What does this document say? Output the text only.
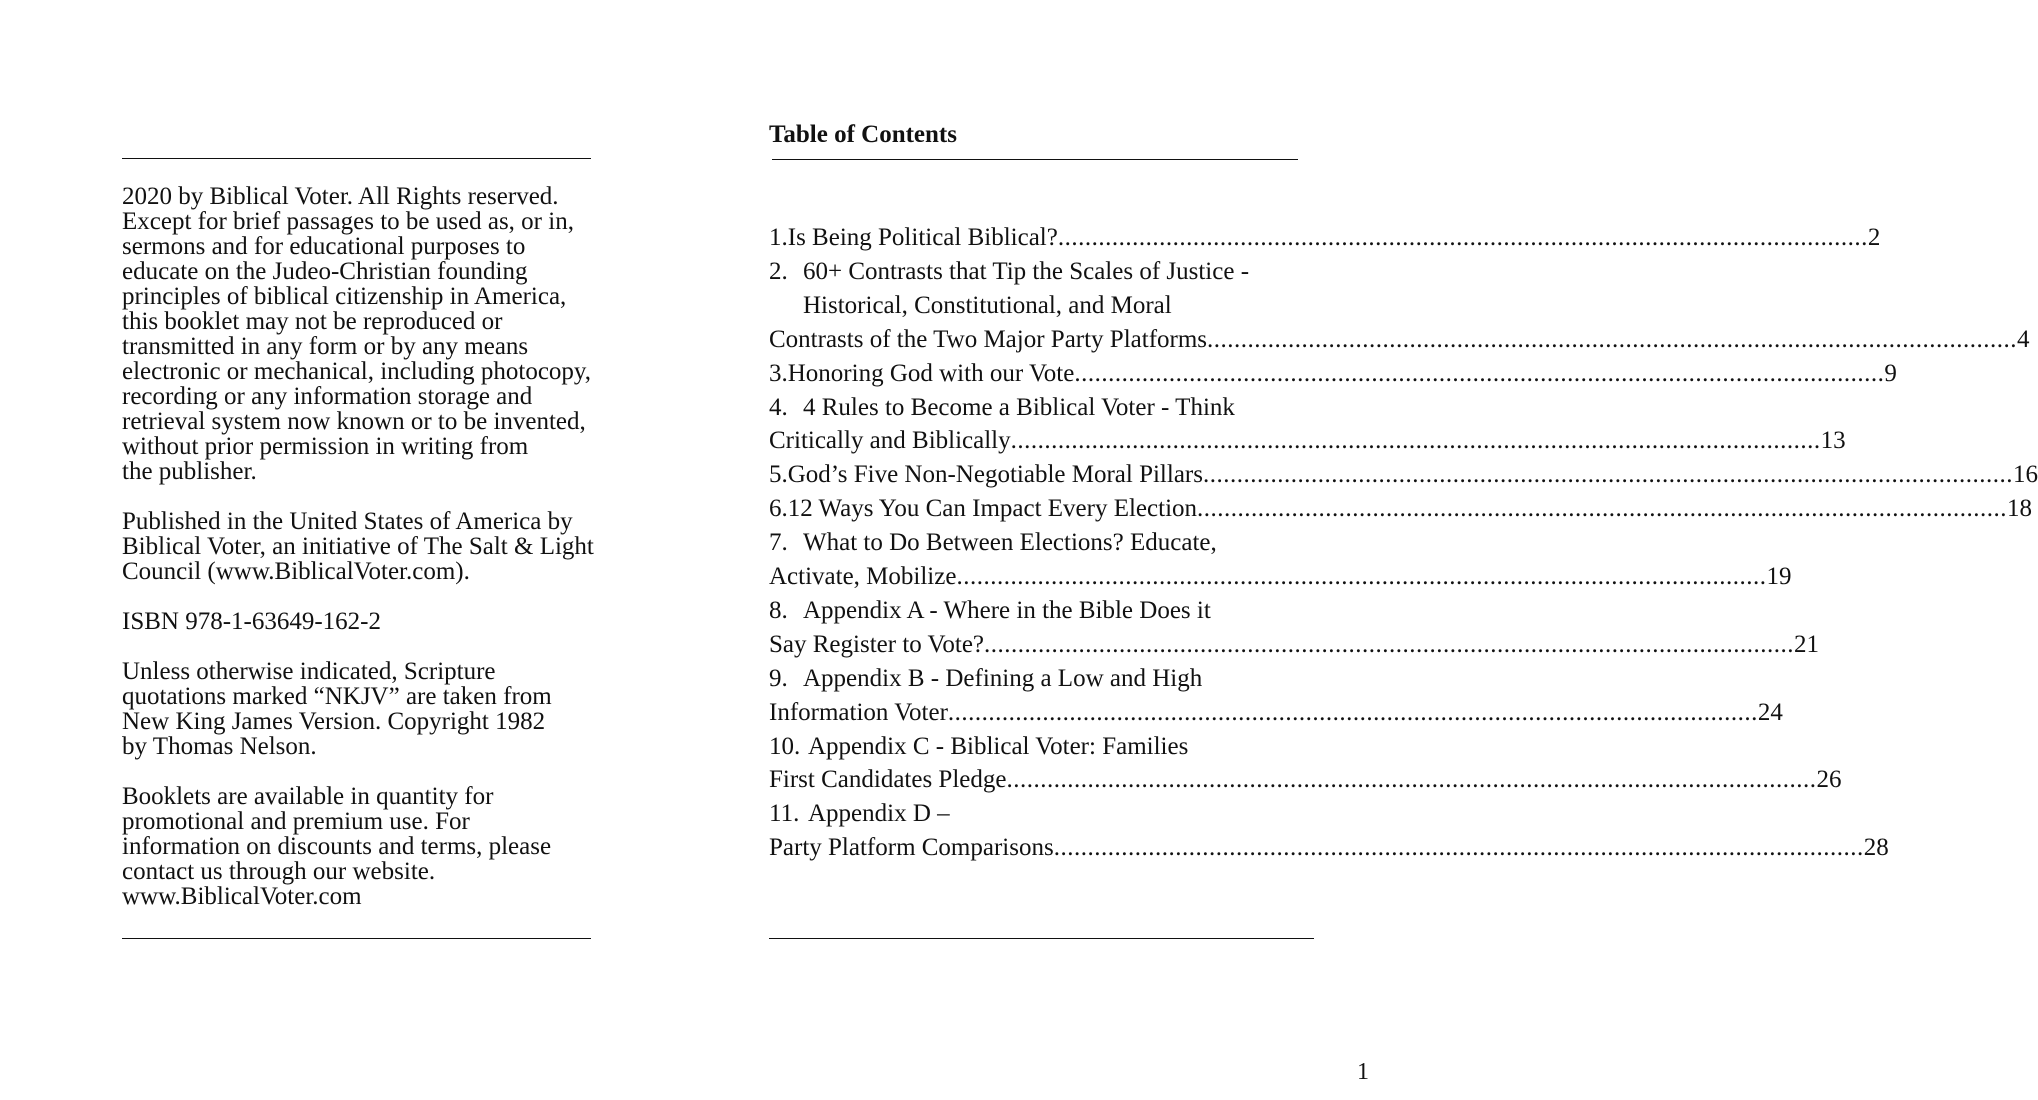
2020 by Biblical Voter. All Rights reserved.
Except for brief passages to be used as, or in,
sermons and for educational purposes to
educate on the Judeo-Christian founding
principles of biblical citizenship in America,
this booklet may not be reproduced or
transmitted in any form or by any means
electronic or mechanical, including photocopy,
recording or any information storage and
retrieval system now known or to be invented,
without prior permission in writing from
the publisher.
Published in the United States of America by
Biblical Voter, an initiative of The Salt & Light
Council (www.BiblicalVoter.com).
ISBN 978-1-63649-162-2
Unless otherwise indicated, Scripture
quotations marked “NKJV” are taken from
New King James Version. Copyright 1982
by Thomas Nelson.
Booklets are available in quantity for
promotional and premium use. For
information on discounts and terms, please
contact us through our website.
www.BiblicalVoter.com
Table of Contents
1. Is Being Political Biblical? ........................................................................................................................ 2
2. 60+ Contrasts that Tip the Scales of Justice -
Historical, Constitutional, and Moral
Contrasts of the Two Major Party Platforms ........................................................................................................................ 4
3. Honoring God with our Vote ........................................................................................................................ 9
4. 4 Rules to Become a Biblical Voter - Think
Critically and Biblically ........................................................................................................................ 13
5. God’s Five Non-Negotiable Moral Pillars ........................................................................................................................ 16
6. 12 Ways You Can Impact Every Election ........................................................................................................................ 18
7. What to Do Between Elections? Educate,
Activate, Mobilize ........................................................................................................................ 19
8. Appendix A - Where in the Bible Does it
Say Register to Vote? ........................................................................................................................ 21
9. Appendix B - Defining a Low and High
Information Voter ........................................................................................................................ 24
10. Appendix C - Biblical Voter: Families
First Candidates Pledge ........................................................................................................................ 26
11. Appendix D –
Party Platform Comparisons ........................................................................................................................ 28
1
